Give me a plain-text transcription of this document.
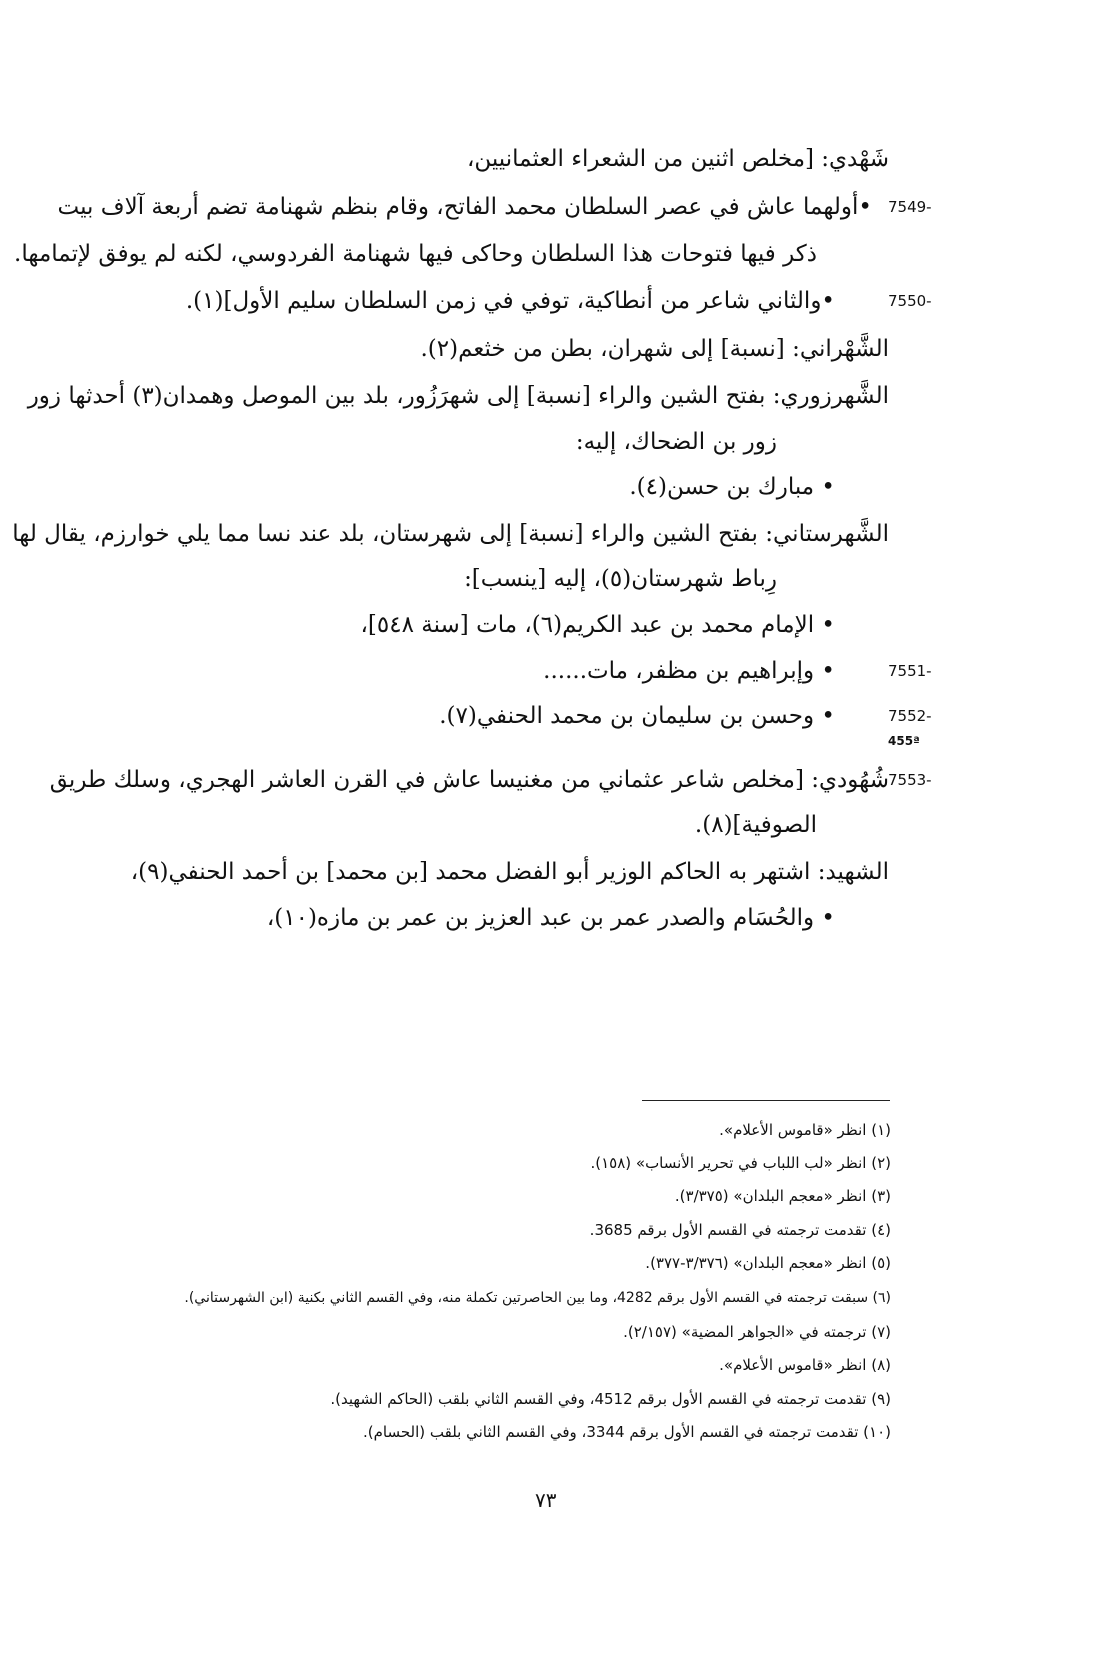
شَهْدي: [مخلص اثنين من الشعراء العثمانيين،
7549-
•أولهما عاش في عصر السلطان محمد الفاتح، وقام بنظم شهنامة تضم أربعة آلاف بيت
ذكر فيها فتوحات هذا السلطان وحاكى فيها شهنامة الفردوسي، لكنه لم يوفق لإتمامها.
7550-
•والثاني شاعر من أنطاكية، توفي في زمن السلطان سليم الأول](١).
الشَّهْراني: [نسبة] إلى شهران، بطن من خثعم(٢).
الشَّهرزوري: بفتح الشين والراء [نسبة] إلى شهرَزُور، بلد بين الموصل وهمدان(٣) أحدثها زور
زور بن الضحاك، إليه:
• مبارك بن حسن(٤).
الشَّهرستاني: بفتح الشين والراء [نسبة] إلى شهرستان، بلد عند نسا مما يلي خوارزم، يقال لها
رِباط شهرستان(٥)، إليه [ينسب]:
• الإمام محمد بن عبد الكريم(٦)، مات [سنة ٥٤٨]،
7551-
• وإبراهيم بن مظفر، مات......
7552-
• وحسن بن سليمان بن محمد الحنفي(٧).
455ª
7553-
شُهُودي: [مخلص شاعر عثماني من مغنيسا عاش في القرن العاشر الهجري، وسلك طريق
الصوفية](٨).
الشهيد: اشتهر به الحاكم الوزير أبو الفضل محمد [بن محمد] بن أحمد الحنفي(٩)،
• والحُسَام والصدر عمر بن عبد العزيز بن عمر بن مازه(١٠)،
(١) انظر «قاموس الأعلام».
(٢) انظر «لب اللباب في تحرير الأنساب» (١٥٨).
(٣) انظر «معجم البلدان» (٣/٣٧٥).
(٤) تقدمت ترجمته في القسم الأول برقم 3685.
(٥) انظر «معجم البلدان» (٣/٣٧٦-٣٧٧).
(٦) سبقت ترجمته في القسم الأول برقم 4282، وما بين الحاصرتين تكملة منه، وفي القسم الثاني بكنية (ابن الشهرستاني).
(٧) ترجمته في «الجواهر المضية» (٢/١٥٧).
(٨) انظر «قاموس الأعلام».
(٩) تقدمت ترجمته في القسم الأول برقم 4512، وفي القسم الثاني بلقب (الحاكم الشهيد).
(١٠) تقدمت ترجمته في القسم الأول برقم 3344، وفي القسم الثاني بلقب (الحسام).
٧٣
